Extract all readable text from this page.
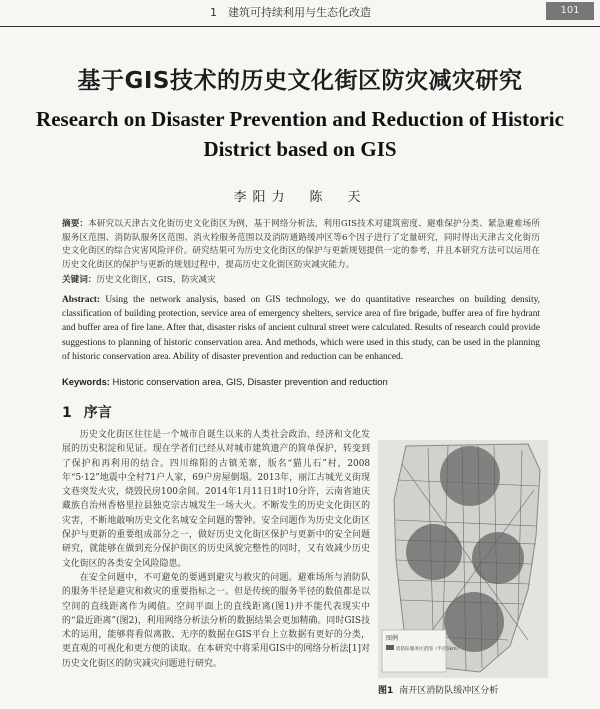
1　建筑可持续利用与生态化改造	101
基于GIS技术的历史文化街区防灾减灾研究
Research on Disaster Prevention and Reduction of Historic District based on GIS
李阳力　陈　天
摘要：本研究以天津古文化街历史文化街区为例，基于网络分析法，利用GIS技术对建筑密度、避难保护分类、紧急避难场所服务区范围、消防队服务区范围、消火栓服务范围以及消防通路缓冲区等6个因子进行了定量研究，同时得出天津古文化街历史文化街区的综合灾害风险评价。研究结果可为历史文化街区的保护与更新规划提供一定的参考，并且本研究方法可以运用在历史文化街区的保护与更新的规划过程中，提高历史文化街区防灾减灾能力。
关键词：历史文化街区，GIS，防灾减灾
Abstract: Using the network analysis, based on GIS technology, we do quantitative researches on building density, classification of building protection, service area of emergency shelters, service area of fire brigade, buffer area of fire hydrant and buffer area of fire lane. After that, disaster risks of ancient cultural street were calculated. Results of research could provide suggestions to planning of historic conservation area. And methods, which were used in this study, can be used in the planning of historic conservation area. Ability of disaster prevention and reduction can be enhanced.
Keywords: Historic conservation area, GIS, Disaster prevention and reduction
1 序言

历史文化街区往往是一个城市自诞生以来的人类社会政治、经济和文化发展的历史积淀和见证。现在学者们已经从对城市建筑遗产的简单保护，转变到了保护和再利用的结合。四川绵阳的古镇羌寨，版名“猫儿石”村，2008年“5·12”地震中全村71户人家，69户房屋倒塌。2013年，丽江古城光义街现文巷突发火灾，烧毁民房100余间。2014年1月11日1时10分许，云南省迪庆藏族自治州香格里拉县独克宗古城发生一场大火。不断发生的历史文化街区的灾害，不断地敲响历史文化名城安全问题的警钟。安全问题作为历史文化街区保护与更新的重要组成部分之一，做好历史文化街区保护与更新中的安全问题研究，就能够在做到充分保护街区的历史风貌完整性的同时，又有效减少历史文化街区的各类安全风险隐患。

在安全问题中，不可避免的要遇到避灾与救灾的问题。避难场所与消防队的服务半径是避灾和救灾的重要指标之一。但是传统的服务半径的数值都是以空间的直线距离作为阈值。空间平面上的直线距离(图1)并不能代表现实中的“最近距离”(图2)，利用网络分析法分析的数据结果会更加精确。同时GIS技术的运用，能够将看似离散、无序的数据在GIS平台上立数据有更好的分类，更直观的可视化和更方便的读取。在本研究中将采用GIS中的网络分析法[1]对历史文化街区的防灾减灾问题进行研究。

图例
消防队服务区范围（半径1km）
图1 南开区消防队缓冲区分析
